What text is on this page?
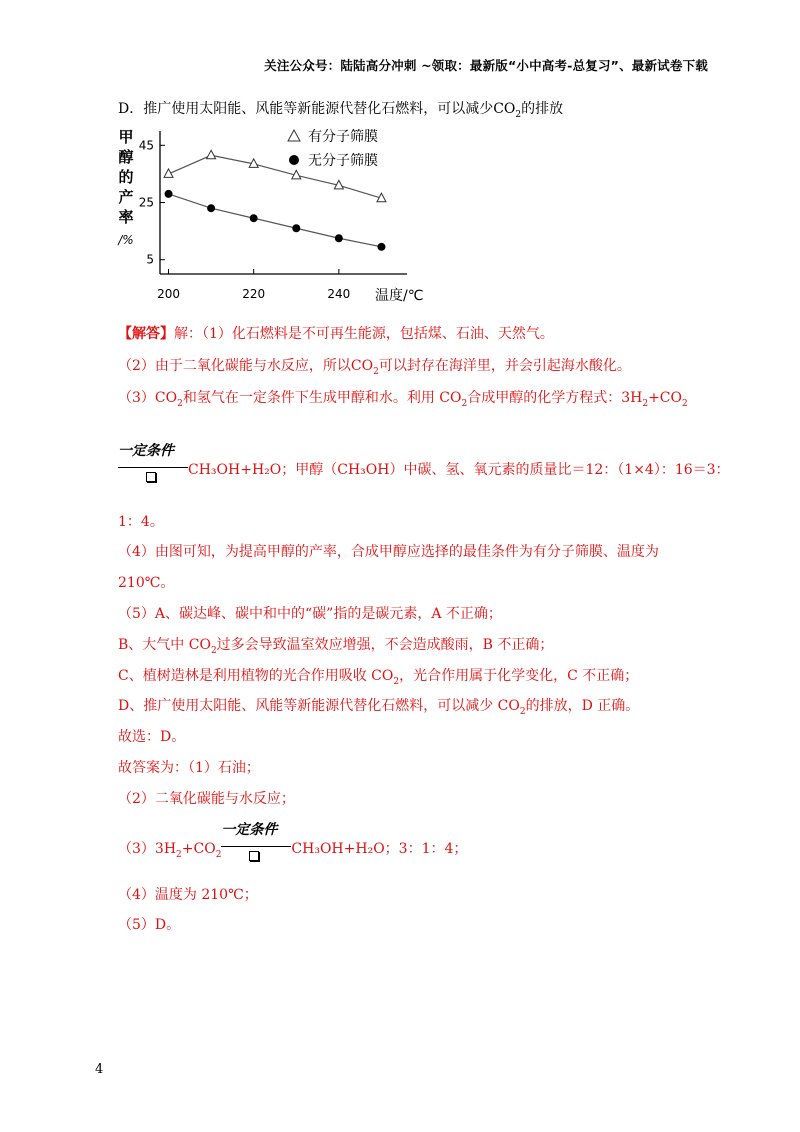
关注公众号：陆陆高分冲刺 ~领取：最新版“小中高考-总复习”、最新试卷下载
D．推广使用太阳能、风能等新能源代替化石燃料，可以减少$CO_2$的排放
45
25
5
200	220	240
甲
醇
的
产
率
/%
温度/℃
有分子筛膜
无分子筛膜
【解答】解：（1）化石燃料是不可再生能源，包括煤、石油、天然气。
（2）由于二氧化碳能与水反应，所以$CO_2$可以封存在海洋里，并会引起海水酸化。
$(3)CO_2$和氢气在一定条件下生成甲醇和水。利用 $CO_2$合成甲醇的化学方程式：$3H_2+CO_2$
一定条件
CH₃OH+H₂O；甲醇（CH₃OH）中碳、氢、氧元素的质量比＝12：（1×4）：16＝3：
1：4。
（4）由图可知，为提高甲醇的产率，合成甲醇应选择的最佳条件为有分子筛膜、温度为
210℃。
（5）A、碳达峰、碳中和中的“碳”指的是碳元素，A 不正确；
B、大气中 $CO_2$过多会导致温室效应增强，不会造成酸雨，B 不正确；
C、植树造林是利用植物的光合作用吸收 $CO_2$，光合作用属于化学变化，C 不正确；
D、推广使用太阳能、风能等新能源代替化石燃料，可以减少 $CO_2$的排放，D 正确。
故选：D。
故答案为：（1）石油；
（2）二氧化碳能与水反应；
$(3)3H_2+CO_2$
一定条件
CH₃OH+H₂O；3：1：4；
（4）温度为 210℃；
（5）D。
4
